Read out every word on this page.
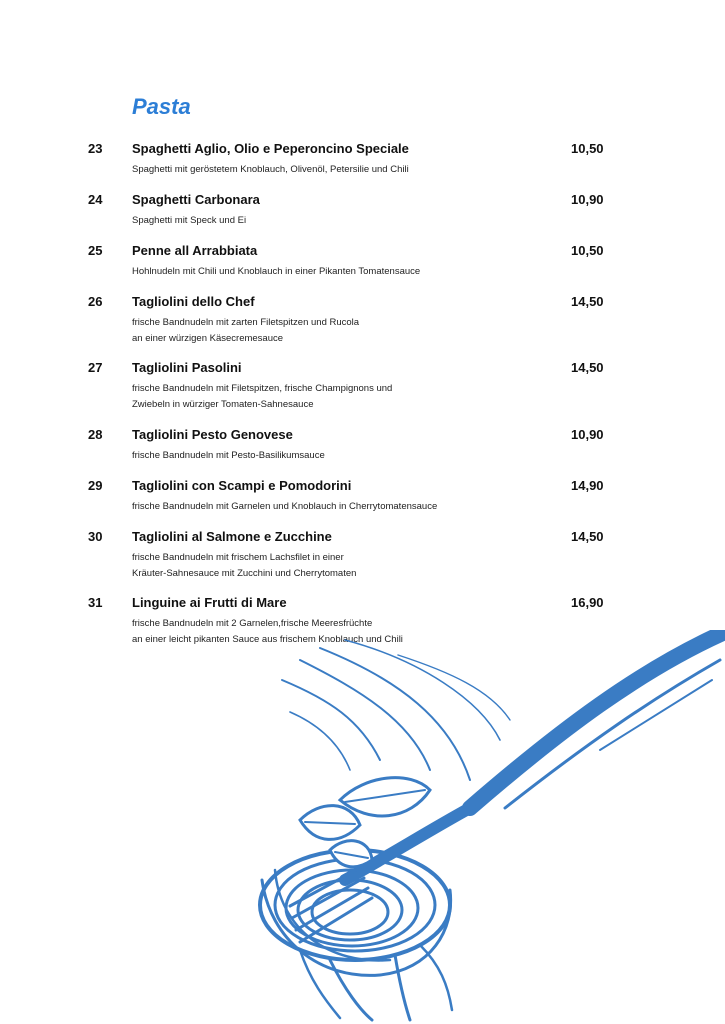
Pasta
23 Spaghetti Aglio, Olio e Peperoncino Speciale	10,50
Spaghetti mit geröstetem Knoblauch, Olivenöl, Petersilie und Chili
24 Spaghetti Carbonara	10,90
Spaghetti mit Speck und Ei
25 Penne all Arrabbiata	10,50
Hohlnudeln mit Chili und Knoblauch in einer Pikanten Tomatensauce
26 Tagliolini dello Chef	14,50
frische Bandnudeln mit zarten Filetspitzen und Rucola
an einer würzigen Käsecremesauce
27 Tagliolini Pasolini	14,50
frische Bandnudeln mit Filetspitzen, frische Champignons und
Zwiebeln in würziger Tomaten-Sahnesauce
28 Tagliolini Pesto Genovese	10,90
frische Bandnudeln mit Pesto-Basilikumsauce
29 Tagliolini con Scampi e Pomodorini	14,90
frische Bandnudeln mit Garnelen und Knoblauch in Cherrytomatensauce
30 Tagliolini al Salmone e Zucchine	14,50
frische Bandnudeln mit frischem Lachsfilet in einer
Kräuter-Sahnesauce mit Zucchini und Cherrytomaten
31 Linguine ai Frutti di Mare	16,90
frische Bandnudeln mit 2 Garnelen,frische Meeresfrüchte
an einer leicht pikanten Sauce aus frischem Knoblauch und Chili
